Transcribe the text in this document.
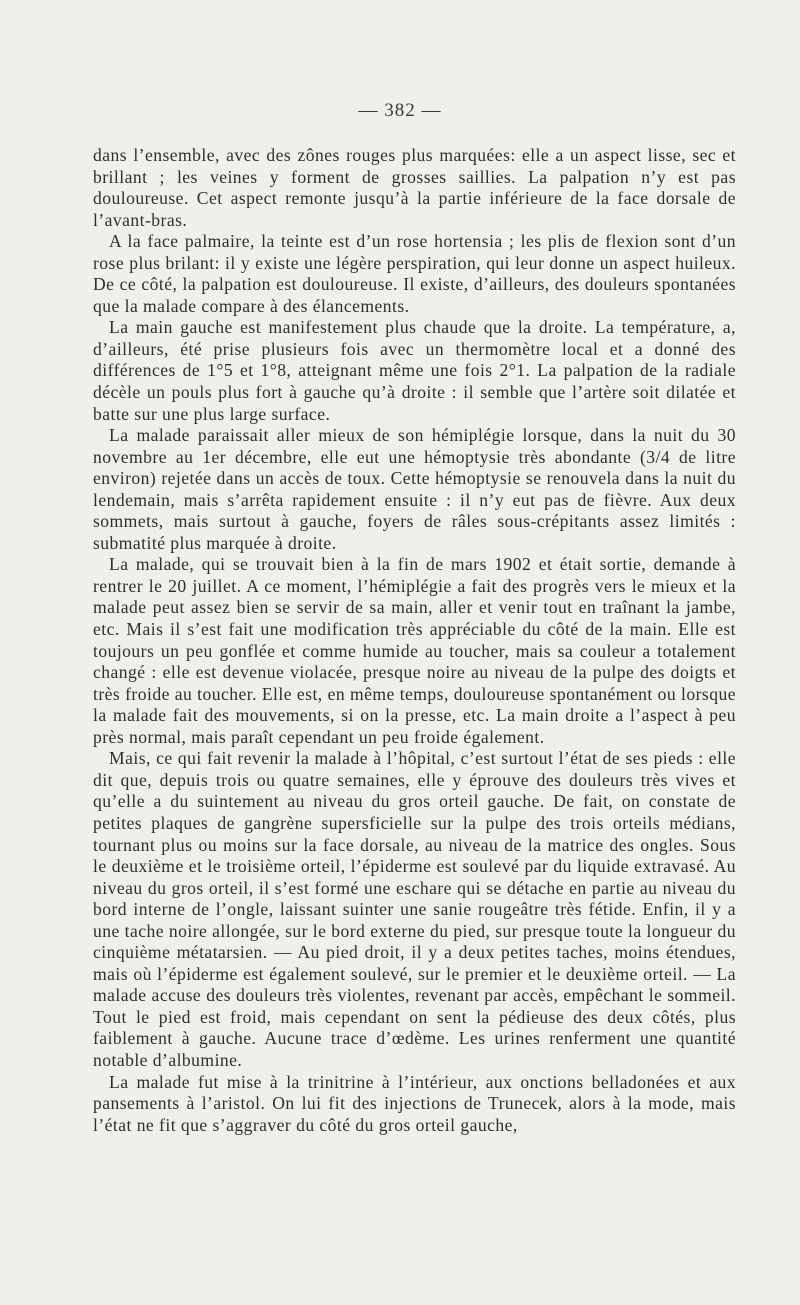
— 382 —

dans l’ensemble, avec des zônes rouges plus marquées: elle a un aspect lisse, sec et brillant ; les veines y forment de grosses saillies. La palpation n’y est pas douloureuse. Cet aspect remonte jusqu’à la partie inférieure de la face dorsale de l’avant-bras.

A la face palmaire, la teinte est d’un rose hortensia ; les plis de flexion sont d’un rose plus brilant: il y existe une légère perspiration, qui leur donne un aspect huileux. De ce côté, la palpation est douloureuse. Il existe, d’ailleurs, des douleurs spontanées que la malade compare à des élancements.

La main gauche est manifestement plus chaude que la droite. La température, a, d’ailleurs, été prise plusieurs fois avec un thermomètre local et a donné des différences de 1°5 et 1°8, atteignant même une fois 2°1. La palpation de la radiale décèle un pouls plus fort à gauche qu’à droite : il semble que l’artère soit dilatée et batte sur une plus large surface.

La malade paraissait aller mieux de son hémiplégie lorsque, dans la nuit du 30 novembre au 1er décembre, elle eut une hémoptysie très abondante (3/4 de litre environ) rejetée dans un accès de toux. Cette hémoptysie se renouvela dans la nuit du lendemain, mais s’arrêta rapidement ensuite : il n’y eut pas de fièvre. Aux deux sommets, mais surtout à gauche, foyers de râles sous-crépitants assez limités : submatité plus marquée à droite.

La malade, qui se trouvait bien à la fin de mars 1902 et était sortie, demande à rentrer le 20 juillet. A ce moment, l’hémiplégie a fait des progrès vers le mieux et la malade peut assez bien se servir de sa main, aller et venir tout en traînant la jambe, etc. Mais il s’est fait une modification très appréciable du côté de la main. Elle est toujours un peu gonflée et comme humide au toucher, mais sa couleur a totalement changé : elle est devenue violacée, presque noire au niveau de la pulpe des doigts et très froide au toucher. Elle est, en même temps, douloureuse spontanément ou lorsque la malade fait des mouvements, si on la presse, etc. La main droite a l’aspect à peu près normal, mais paraît cependant un peu froide également.

Mais, ce qui fait revenir la malade à l’hôpital, c’est surtout l’état de ses pieds : elle dit que, depuis trois ou quatre semaines, elle y éprouve des douleurs très vives et qu’elle a du suintement au niveau du gros orteil gauche. De fait, on constate de petites plaques de gangrène supersficielle sur la pulpe des trois orteils médians, tournant plus ou moins sur la face dorsale, au niveau de la matrice des ongles. Sous le deuxième et le troisième orteil, l’épiderme est soulevé par du liquide extravasé. Au niveau du gros orteil, il s’est formé une eschare qui se détache en partie au niveau du bord interne de l’ongle, laissant suinter une sanie rougeâtre très fétide. Enfin, il y a une tache noire allongée, sur le bord externe du pied, sur presque toute la longueur du cinquième métatarsien. — Au pied droit, il y a deux petites taches, moins étendues, mais où l’épiderme est également soulevé, sur le premier et le deuxième orteil. — La malade accuse des douleurs très violentes, revenant par accès, empêchant le sommeil. Tout le pied est froid, mais cependant on sent la pédieuse des deux côtés, plus faiblement à gauche. Aucune trace d’œdème. Les urines renferment une quantité notable d’albumine.

La malade fut mise à la trinitrine à l’intérieur, aux onctions belladonées et aux pansements à l’aristol. On lui fit des injections de Trunecek, alors à la mode, mais l’état ne fit que s’aggraver du côté du gros orteil gauche,
